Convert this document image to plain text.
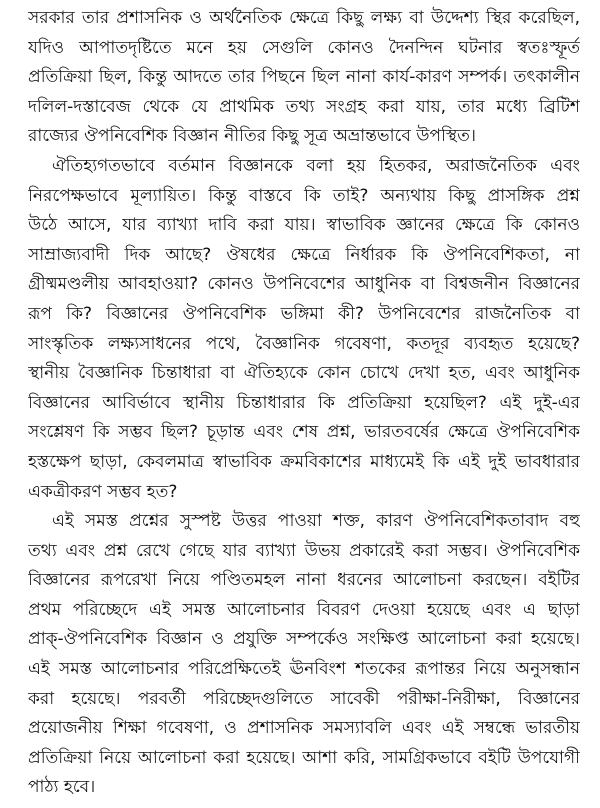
সরকার তার প্রশাসনিক ও অর্থনৈতিক ক্ষেত্রে কিছু লক্ষ্য বা উদ্দেশ্য স্থির করেছিল,
যদিও আপাতদৃষ্টিতে মনে হয় সেগুলি কোনও দৈনন্দিন ঘটনার স্বতঃস্ফূর্ত
প্রতিক্রিয়া ছিল, কিন্তু আদতে তার পিছনে ছিল নানা কার্য-কারণ সম্পর্ক। তৎকালীন
দলিল-দস্তাবেজ থেকে যে প্রাথমিক তথ্য সংগ্রহ করা যায়, তার মধ্যে ব্রিটিশ
রাজ্যের ঔপনিবেশিক বিজ্ঞান নীতির কিছু সূত্র অভ্রান্তভাবে উপস্থিত।
ঐতিহ্যগতভাবে বর্তমান বিজ্ঞানকে বলা হয় হিতকর, অরাজনৈতিক এবং
নিরপেক্ষভাবে মূল্যায়িত। কিন্তু বাস্তবে কি তাই? অন্যথায় কিছু প্রাসঙ্গিক প্রশ্ন
উঠে আসে, যার ব্যাখ্যা দাবি করা যায়। স্বাভাবিক জ্ঞানের ক্ষেত্রে কি কোনও
সাম্রাজ্যবাদী দিক আছে? ঔষধের ক্ষেত্রে নির্ধারক কি ঔপনিবেশিকতা, না
গ্রীষ্মমণ্ডলীয় আবহাওয়া? কোনও উপনিবেশের আধুনিক বা বিশ্বজনীন বিজ্ঞানের
রূপ কি? বিজ্ঞানের ঔপনিবেশিক ভঙ্গিমা কী? উপনিবেশের রাজনৈতিক বা
সাংস্কৃতিক লক্ষ্যসাধনের পথে, বৈজ্ঞানিক গবেষণা, কতদূর ব্যবহৃত হয়েছে?
স্থানীয় বৈজ্ঞানিক চিন্তাধারা বা ঐতিহ্যকে কোন চোখে দেখা হত, এবং আধুনিক
বিজ্ঞানের আবির্ভাবে স্থানীয় চিন্তাধারার কি প্রতিক্রিয়া হয়েছিল? এই দুই-এর
সংশ্লেষণ কি সম্ভব ছিল? চূড়ান্ত এবং শেষ প্রশ্ন, ভারতবর্ষের ক্ষেত্রে ঔপনিবেশিক
হস্তক্ষেপ ছাড়া, কেবলমাত্র স্বাভাবিক ক্রমবিকাশের মাধ্যমেই কি এই দুই ভাবধারার
একত্রীকরণ সম্ভব হত?
এই সমস্ত প্রশ্নের সুস্পষ্ট উত্তর পাওয়া শক্ত, কারণ ঔপনিবেশিকতাবাদ বহু
তথ্য এবং প্রশ্ন রেখে গেছে যার ব্যাখ্যা উভয় প্রকারেই করা সম্ভব। ঔপনিবেশিক
বিজ্ঞানের রূপরেখা নিয়ে পণ্ডিতমহল নানা ধরনের আলোচনা করছেন। বইটির
প্রথম পরিচ্ছেদে এই সমস্ত আলোচনার বিবরণ দেওয়া হয়েছে এবং এ ছাড়া
প্রাক্-ঔপনিবেশিক বিজ্ঞান ও প্রযুক্তি সম্পর্কেও সংক্ষিপ্ত আলোচনা করা হয়েছে।
এই সমস্ত আলোচনার পরিপ্রেক্ষিতেই ঊনবিংশ শতকের রূপান্তর নিয়ে অনুসন্ধান
করা হয়েছে। পরবর্তী পরিচ্ছেদগুলিতে সাবেকী পরীক্ষা-নিরীক্ষা, বিজ্ঞানের
প্রয়োজনীয় শিক্ষা গবেষণা, ও প্রশাসনিক সমস্যাবলি এবং এই সম্বন্ধে ভারতীয়
প্রতিক্রিয়া নিয়ে আলোচনা করা হয়েছে। আশা করি, সামগ্রিকভাবে বইটি উপযোগী
পাঠ্য হবে।
